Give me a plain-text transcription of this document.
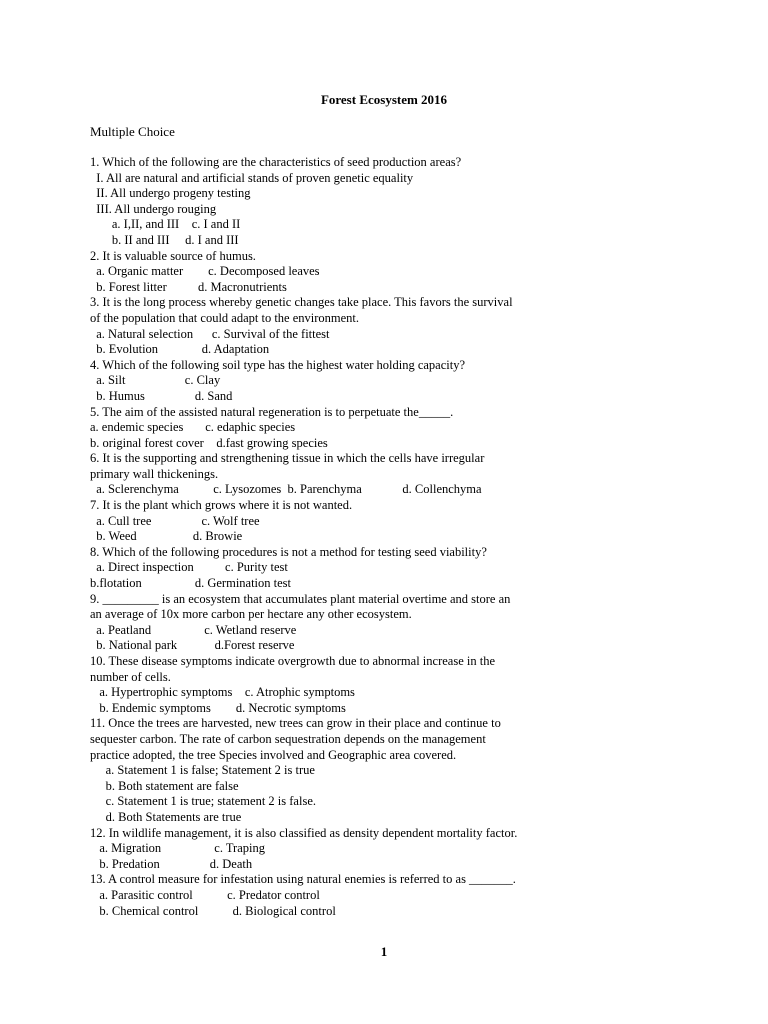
Forest Ecosystem 2016
Multiple Choice
1. Which of the following are the characteristics of seed production areas?
I. All are natural and artificial stands of proven genetic equality
II. All undergo progeny testing
III. All undergo rouging
a. I,II, and III    c. I and II
b. II and III     d. I and III
2. It is valuable source of humus.
a. Organic matter        c. Decomposed leaves
b. Forest litter          d. Macronutrients
3. It is the long process whereby genetic changes take place. This favors the survival
of the population that could adapt to the environment.
a. Natural selection      c. Survival of the fittest
b. Evolution              d. Adaptation
4. Which of the following soil type has the highest water holding capacity?
a. Silt                   c. Clay
b. Humus                d. Sand
5. The aim of the assisted natural regeneration is to perpetuate the_____.
a. endemic species       c. edaphic species
b. original forest cover    d.fast growing species
6. It is the supporting and strengthening tissue in which the cells have irregular
primary wall thickenings.
a. Sclerenchyma           c. Lysozomes  b. Parenchyma             d. Collenchyma
7. It is the plant which grows where it is not wanted.
a. Cull tree                c. Wolf tree
b. Weed                  d. Browie
8. Which of the following procedures is not a method for testing seed viability?
a. Direct inspection          c. Purity test
b.flotation                 d. Germination test
9. _________ is an ecosystem that accumulates plant material overtime and store an
an average of 10x more carbon per hectare any other ecosystem.
a. Peatland                 c. Wetland reserve
b. National park            d.Forest reserve
10. These disease symptoms indicate overgrowth due to abnormal increase in the
number of cells.
a. Hypertrophic symptoms    c. Atrophic symptoms
b. Endemic symptoms        d. Necrotic symptoms
11. Once the trees are harvested, new trees can grow in their place and continue to
sequester carbon. The rate of carbon sequestration depends on the management
practice adopted, the tree Species involved and Geographic area covered.
a. Statement 1 is false; Statement 2 is true
b. Both statement are false
c. Statement 1 is true; statement 2 is false.
d. Both Statements are true
12. In wildlife management, it is also classified as density dependent mortality factor.
a. Migration                 c. Traping
b. Predation                d. Death
13. A control measure for infestation using natural enemies is referred to as _______.
a. Parasitic control           c. Predator control
b. Chemical control           d. Biological control
1
